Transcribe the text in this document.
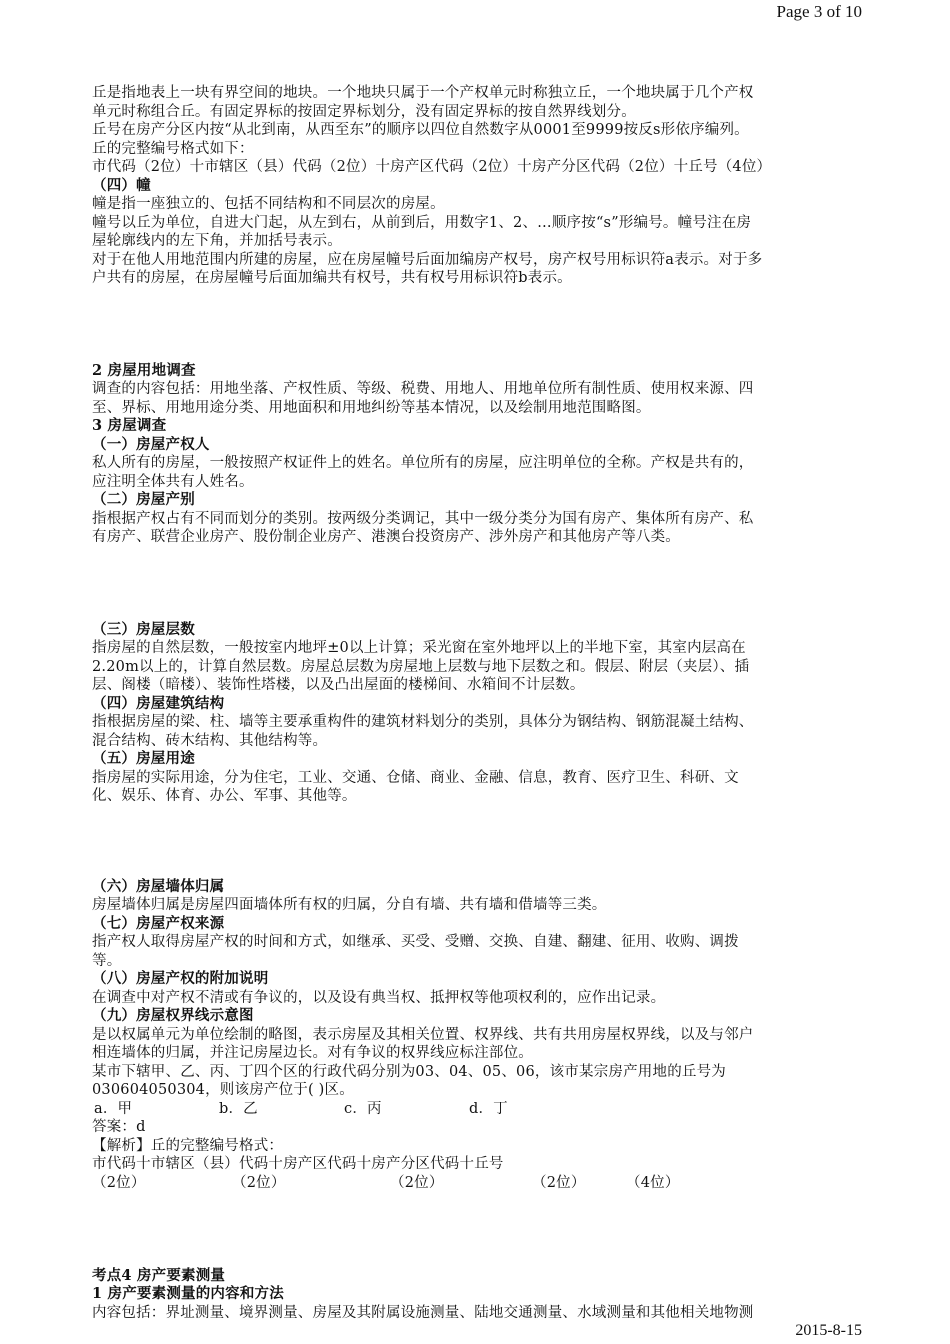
Page 3 of 10

丘是指地表上一块有界空间的地块。一个地块只属于一个产权单元时称独立丘，一个地块属于几个产权

单元时称组合丘。有固定界标的按固定界标划分，没有固定界标的按自然界线划分。

丘号在房产分区内按“从北到南，从西至东”的顺序以四位自然数字从0001至9999按反s形依序编列。

丘的完整编号格式如下：

市代码（2位）十市辖区（县）代码（2位）十房产区代码（2位）十房产分区代码（2位）十丘号（4位）

（四）幢

幢是指一座独立的、包括不同结构和不同层次的房屋。

幢号以丘为单位，自进大门起，从左到右，从前到后，用数字1、2、…顺序按“s”形编号。幢号注在房

屋轮廓线内的左下角，并加括号表示。

对于在他人用地范围内所建的房屋，应在房屋幢号后面加编房产权号，房产权号用标识符a表示。对于多

户共有的房屋，在房屋幢号后面加编共有权号，共有权号用标识符b表示。

2 房屋用地调查

调查的内容包括：用地坐落、产权性质、等级、税费、用地人、用地单位所有制性质、使用权来源、四

至、界标、用地用途分类、用地面积和用地纠纷等基本情况，以及绘制用地范围略图。

3 房屋调查

（一）房屋产权人

私人所有的房屋，一般按照产权证件上的姓名。单位所有的房屋，应注明单位的全称。产权是共有的，

应注明全体共有人姓名。

（二）房屋产别

指根据产权占有不同而划分的类别。按两级分类调记，其中一级分类分为国有房产、集体所有房产、私

有房产、联营企业房产、股份制企业房产、港澳台投资房产、涉外房产和其他房产等八类。

（三）房屋层数

指房屋的自然层数，一般按室内地坪±0以上计算；采光窗在室外地坪以上的半地下室，其室内层高在

2.20m以上的，计算自然层数。房屋总层数为房屋地上层数与地下层数之和。假层、附层（夹层）、插

层、阁楼（暗楼）、装饰性塔楼，以及凸出屋面的楼梯间、水箱间不计层数。

（四）房屋建筑结构

指根据房屋的梁、柱、墙等主要承重构件的建筑材料划分的类别，具体分为钢结构、钢筋混凝土结构、

混合结构、砖木结构、其他结构等。

（五）房屋用途

指房屋的实际用途，分为住宅，工业、交通、仓储、商业、金融、信息，教育、医疗卫生、科研、文

化、娱乐、体育、办公、军事、其他等。

（六）房屋墙体归属

房屋墙体归属是房屋四面墙体所有权的归属，分自有墙、共有墙和借墙等三类。

（七）房屋产权来源

指产权人取得房屋产权的时间和方式，如继承、买受、受赠、交换、自建、翻建、征用、收购、调拨

等。

（八）房屋产权的附加说明

在调查中对产权不清或有争议的，以及设有典当权、抵押权等他项权利的，应作出记录。

（九）房屋权界线示意图

是以权属单元为单位绘制的略图，表示房屋及其相关位置、权界线、共有共用房屋权界线，以及与邻户

相连墙体的归属，并注记房屋边长。对有争议的权界线应标注部位。

某市下辖甲、乙、丙、丁四个区的行政代码分别为03、04、05、06，该市某宗房产用地的丘号为

030604050304，则该房产位于( )区。

a．甲	b．乙	c．丙	d．丁

答案：d

【解析】丘的完整编号格式：

市代码十市辖区（县）代码十房产区代码十房产分区代码十丘号

（2位）	（2位）	（2位）	（2位）	（4位）

考点4 房产要素测量

1 房产要素测量的内容和方法

内容包括：界址测量、境界测量、房屋及其附属设施测量、陆地交通测量、水域测量和其他相关地物测

2015-8-15
